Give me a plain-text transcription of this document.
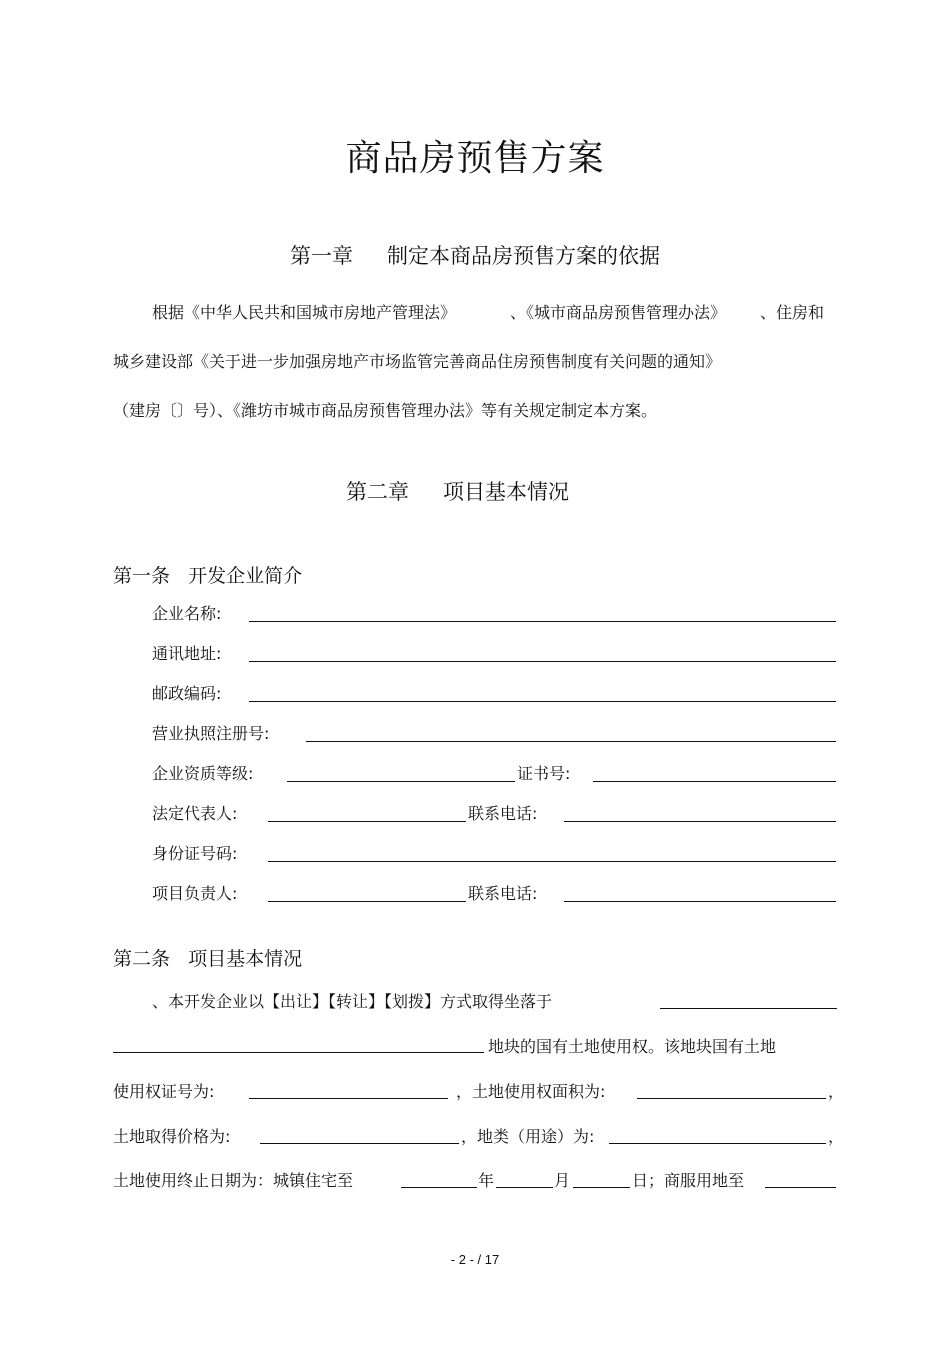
商品房预售方案
第一章 制定本商品房预售方案的依据
根据《中华人民共和国城市房地产管理法》	、《城市商品房预售管理办法》 、住房和
城乡建设部《关于进一步加强房地产市场监管完善商品住房预售制度有关问题的通知》
（建房〔〕号）、《潍坊市城市商品房预售管理办法》等有关规定制定本方案。
第二章 项目基本情况
第一条   开发企业简介
企业名称:
通讯地址:
邮政编码:
营业执照注册号:
企业资质等级:	证书号:
法定代表人:	联系电话:
身份证号码:
项目负责人:	联系电话:
第二条   项目基本情况
、本开发企业以【出让】【转让】【划拨】方式取得坐落于
地块的国有土地使用权。该地块国有土地
使用权证号为:	，土地使用权面积为:	，
土地取得价格为:	，地类（用途）为:	，
土地使用终止日期为：城镇住宅至	年	月	日；商服用地至
- 2 - / 17
